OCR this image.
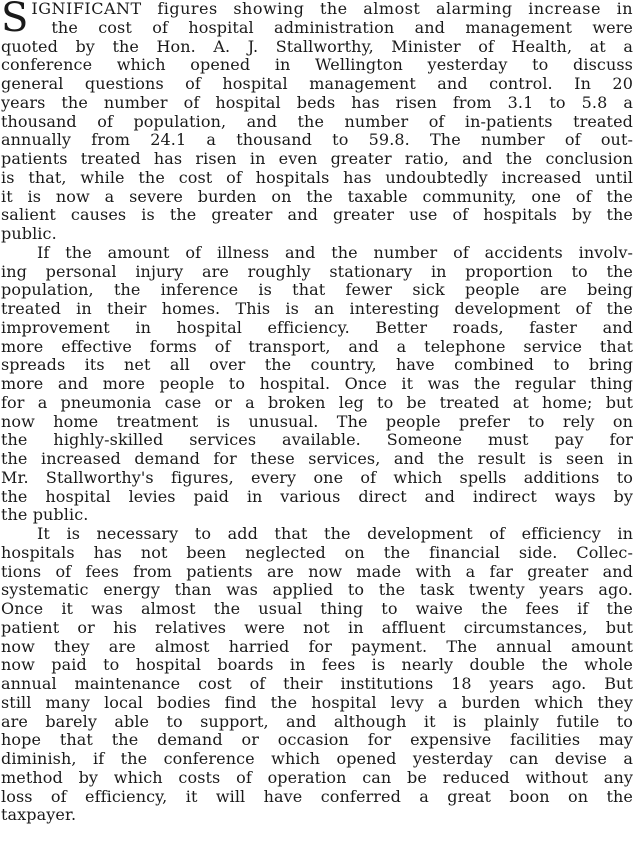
S IGNIFICANT figures showing the almost alarming increase in
the cost of hospital administration and management were
quoted by the Hon. A. J. Stallworthy, Minister of Health, at a
conference which opened in Wellington yesterday to discuss
general questions of hospital management and control. In 20
years the number of hospital beds has risen from 3.1 to 5.8 a
thousand of population, and the number of in-patients treated
annually from 24.1 a thousand to 59.8. The number of out-
patients treated has risen in even greater ratio, and the conclusion
is that, while the cost of hospitals has undoubtedly increased until
it is now a severe burden on the taxable community, one of the
salient causes is the greater and greater use of hospitals by the
public.
If the amount of illness and the number of accidents involv-
ing personal injury are roughly stationary in proportion to the
population, the inference is that fewer sick people are being
treated in their homes. This is an interesting development of the
improvement in hospital efficiency. Better roads, faster and
more effective forms of transport, and a telephone service that
spreads its net all over the country, have combined to bring
more and more people to hospital. Once it was the regular thing
for a pneumonia case or a broken leg to be treated at home; but
now home treatment is unusual. The people prefer to rely on
the highly-skilled services available. Someone must pay for
the increased demand for these services, and the result is seen in
Mr. Stallworthy's figures, every one of which spells additions to
the hospital levies paid in various direct and indirect ways by
the public.
It is necessary to add that the development of efficiency in
hospitals has not been neglected on the financial side. Collec-
tions of fees from patients are now made with a far greater and
systematic energy than was applied to the task twenty years ago.
Once it was almost the usual thing to waive the fees if the
patient or his relatives were not in affluent circumstances, but
now they are almost harried for payment. The annual amount
now paid to hospital boards in fees is nearly double the whole
annual maintenance cost of their institutions 18 years ago. But
still many local bodies find the hospital levy a burden which they
are barely able to support, and although it is plainly futile to
hope that the demand or occasion for expensive facilities may
diminish, if the conference which opened yesterday can devise a
method by which costs of operation can be reduced without any
loss of efficiency, it will have conferred a great boon on the
taxpayer.
